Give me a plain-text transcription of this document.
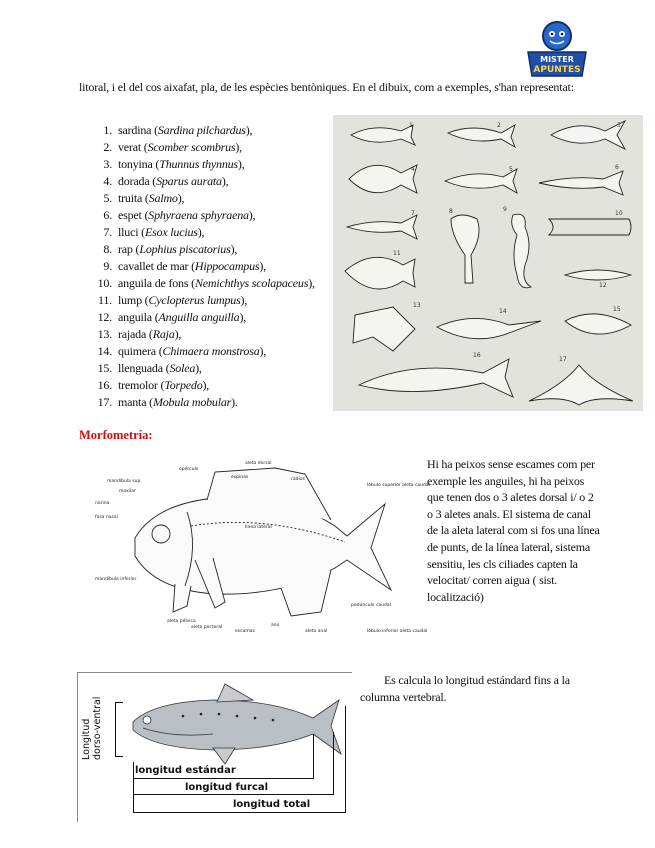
MISTER
APUNTES

litoral, i el del cos aixafat, pla, de les espècies bentòniques. En el dibuix, com a exemples, s'han representat:

1. sardina (Sardina pilchardus),
2. verat (Scomber scombrus),
3. tonyina (Thunnus thynnus),
4. dorada (Sparus aurata),
5. truita (Salmo),
6. espet (Sphyraena sphyraena),
7. lluci (Esox lucius),
8. rap (Lophius piscatorius),
9. cavallet de mar (Hippocampus),
10. anguila de fons (Nemichthys scolapaceus),
11. lump (Cyclopterus lumpus),
12. anguila (Anguilla anguilla),
13. rajada (Raja),
14. quimera (Chimaera monstrosa),
15. llenguada (Solea),
16. tremolor (Torpedo),
17. manta (Mobula mobular).
1	2	3
4	5	6
7	8	9
10
11
12
13
14	15
16
17
Morfometría:
aleta dorsal
espinas	radios
mandíbula sup.
maxilar
narina
fosa nasal
opérculo
mandíbula inferior
escamas
aleta pectoral
aleta pélvica
ano
aleta anal
lóbulo superior aleta caudal
pedúnculo caudal
lóbulo inferior aleta caudal
línea lateral

Hi ha peixos sense escames com per exemple les anguiles, hi ha peixos que tenen dos o 3 aletes dorsal i/ o 2 o 3 aletes anals. El sistema de canal de la aleta lateral com si fos una línea de punts, de la línea lateral, sistema sensitiu, les cls ciliades capten la velocitat/ corren aigua ( sist. localització)

Es calcula lo longitud estándard fins a la columna vertebral.

Longitud dorso-ventral
longitud estándar
longitud furcal
longitud total
